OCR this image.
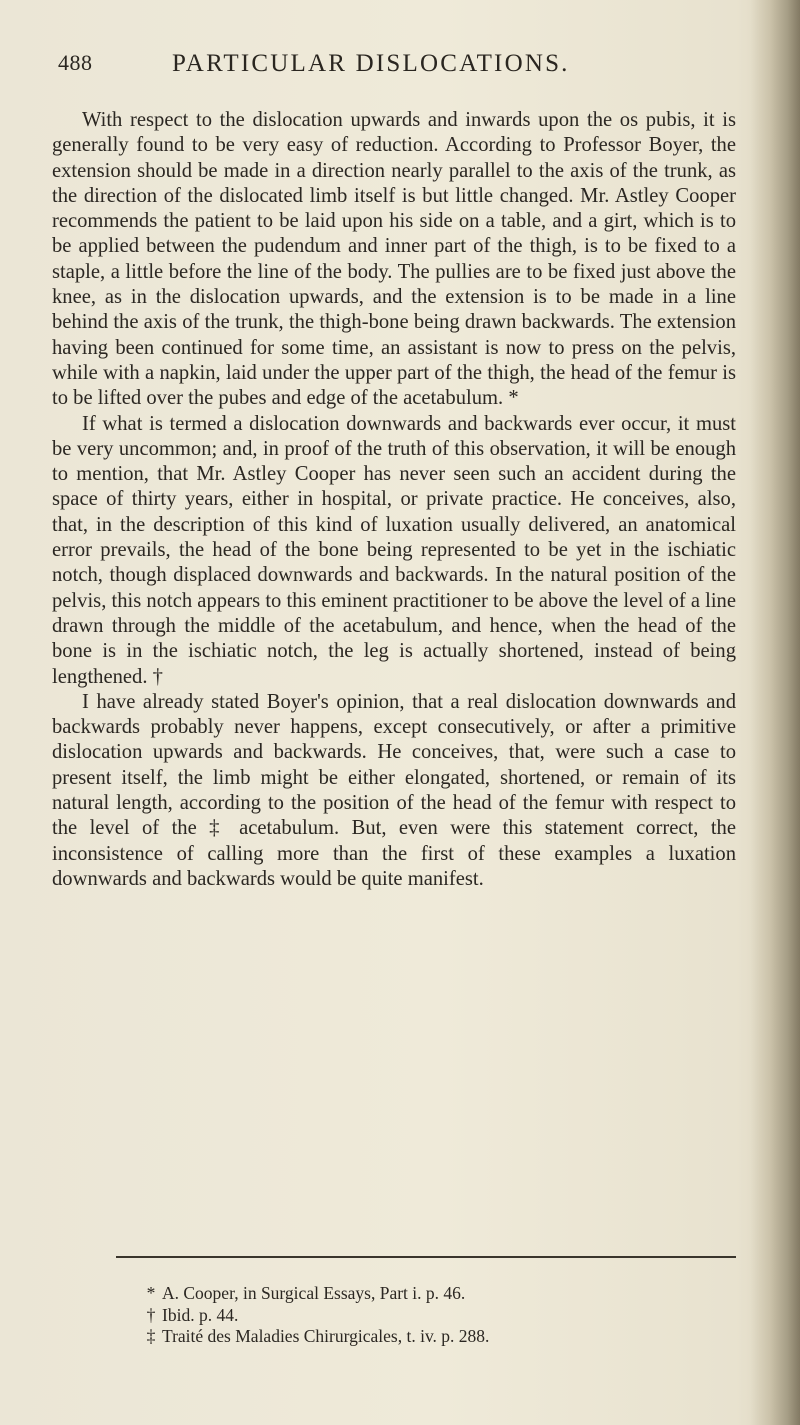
488	PARTICULAR DISLOCATIONS.

With respect to the dislocation upwards and inwards upon the os pubis, it is generally found to be very easy of reduction. According to Professor Boyer, the extension should be made in a direction nearly parallel to the axis of the trunk, as the direction of the dislocated limb itself is but little changed. Mr. Astley Cooper recommends the patient to be laid upon his side on a table, and a girt, which is to be applied between the pudendum and inner part of the thigh, is to be fixed to a staple, a little before the line of the body. The pullies are to be fixed just above the knee, as in the dislocation upwards, and the extension is to be made in a line behind the axis of the trunk, the thigh-bone being drawn backwards. The extension having been continued for some time, an assistant is now to press on the pelvis, while with a napkin, laid under the upper part of the thigh, the head of the femur is to be lifted over the pubes and edge of the acetabulum. *

If what is termed a dislocation downwards and backwards ever occur, it must be very uncommon; and, in proof of the truth of this observation, it will be enough to mention, that Mr. Astley Cooper has never seen such an accident during the space of thirty years, either in hospital, or private practice. He conceives, also, that, in the description of this kind of luxation usually delivered, an anatomical error prevails, the head of the bone being represented to be yet in the ischiatic notch, though displaced downwards and backwards. In the natural position of the pelvis, this notch appears to this eminent practitioner to be above the level of a line drawn through the middle of the acetabulum, and hence, when the head of the bone is in the ischiatic notch, the leg is actually shortened, instead of being lengthened. †

I have already stated Boyer's opinion, that a real dislocation downwards and backwards probably never happens, except consecutively, or after a primitive dislocation upwards and backwards. He conceives, that, were such a case to present itself, the limb might be either elongated, shortened, or remain of its natural length, according to the position of the head of the femur with respect to the level of the ‡ acetabulum. But, even were this statement correct, the inconsistence of calling more than the first of these examples a luxation downwards and backwards would be quite manifest.

* A. Cooper, in Surgical Essays, Part i. p. 46.
† Ibid. p. 44.
‡ Traité des Maladies Chirurgicales, t. iv. p. 288.
